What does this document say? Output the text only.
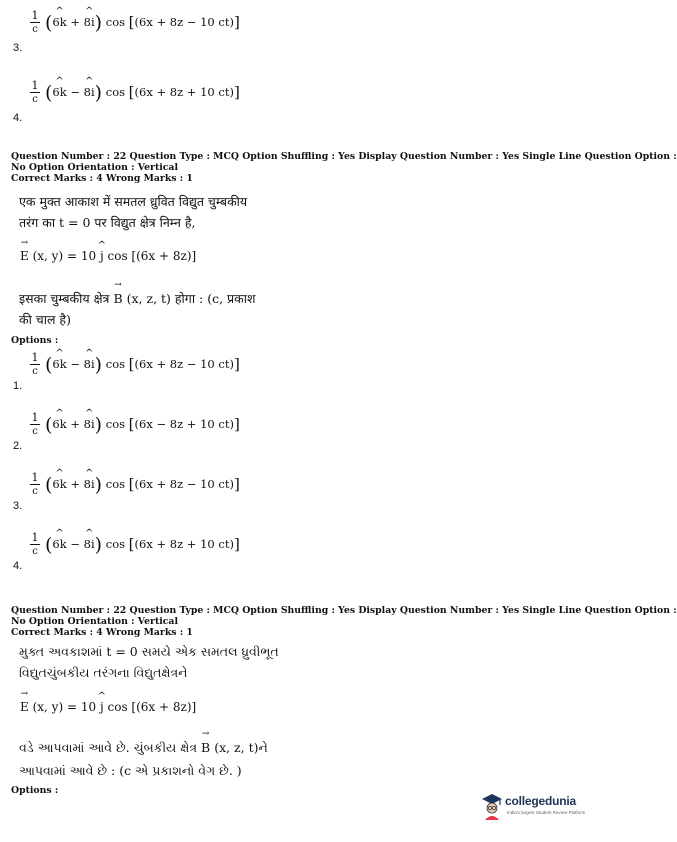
1
c (^ 6k + ^ 8i) cos [(6x + 8z − 10 ct)]
3.
1
c (^ 6k − ^ 8i) cos [(6x + 8z + 10 ct)]
4.
Question Number : 22 Question Type : MCQ Option Shuffling : Yes Display Question Number : Yes Single Line Question Option :
No Option Orientation : Vertical
Correct Marks : 4 Wrong Marks : 1
एक मुक्त आकाश में समतल ध्रुवित विद्युत चुम्बकीय
तरंग का t = 0 पर विद्युत क्षेत्र निम्न है,
→ E (x, y) = 10 ^ j cos [(6x + 8z)]
इसका चुम्बकीय क्षेत्र → B (x, z, t) होगा : (c, प्रकाश
की चाल है)
Options :
1
c (^ 6k − ^ 8i) cos [(6x + 8z − 10 ct)]
1.
1
c (^ 6k + ^ 8i) cos [(6x − 8z + 10 ct)]
2.
1
c (^ 6k + ^ 8i) cos [(6x + 8z − 10 ct)]
3.
1
c (^ 6k − ^ 8i) cos [(6x + 8z + 10 ct)]
4.
Question Number : 22 Question Type : MCQ Option Shuffling : Yes Display Question Number : Yes Single Line Question Option :
No Option Orientation : Vertical
Correct Marks : 4 Wrong Marks : 1
મુક્ત અવકાશમાં t = 0 સમયે એક સમતલ ધ્રુવીભૂત
વિદ્યુતચુંબકીય તરંગના વિદ્યુતક્ષેત્રને
→ E (x, y) = 10 ^ j cos [(6x + 8z)]
વડે આપવામાં આવે છે. ચુંબકીય ક્ષેત્ર → B (x, z, t)ને
આપવામાં આવે છે : (c એ પ્રકાશનો વેગ છે. )
Options :
collegedunia
India's largest Student Review Platform
